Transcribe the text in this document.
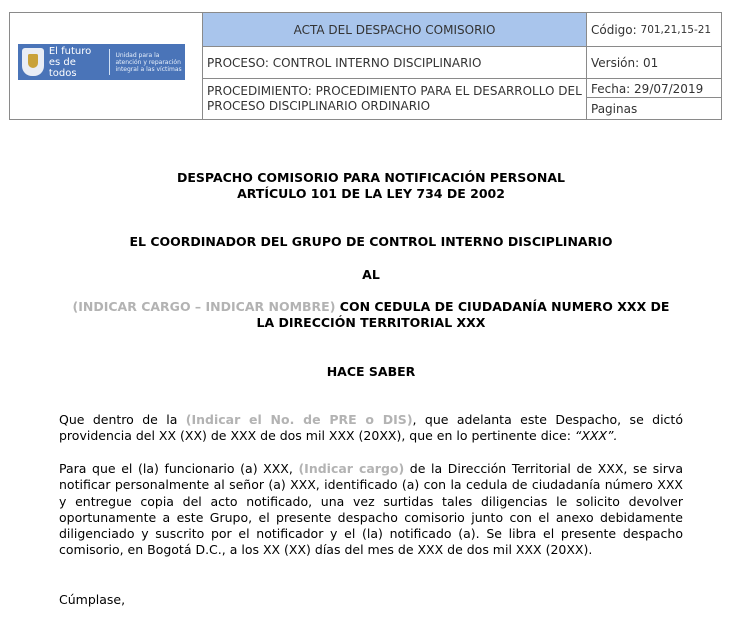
El futuro es de todos
Unidad para la atención y reparación integral a las víctimas
ACTA DEL DESPACHO COMISORIO	Código:
701,21,15-21
PROCESO: CONTROL INTERNO DISCIPLINARIO	Versión: 01
PROCEDIMIENTO: PROCEDIMIENTO PARA EL DESARROLLO DEL PROCESO DISCIPLINARIO ORDINARIO
Fecha: 29/07/2019
Paginas
DESPACHO COMISORIO PARA NOTIFICACIÓN PERSONAL
ARTÍCULO 101 DE LA LEY 734 DE 2002
EL COORDINADOR DEL GRUPO DE CONTROL INTERNO DISCIPLINARIO
AL
(INDICAR CARGO – INDICAR NOMBRE) CON CEDULA DE CIUDADANÍA NUMERO XXX DE LA DIRECCIÓN TERRITORIAL XXX
HACE SABER
Que dentro de la (Indicar el No. de PRE o DIS), que adelanta este Despacho, se dictó providencia del XX (XX) de XXX de dos mil XXX (20XX), que en lo pertinente dice: “XXX”.
Para que el (la) funcionario (a) XXX, (Indicar cargo) de la Dirección Territorial de XXX, se sirva notificar personalmente al señor (a) XXX, identificado (a) con la cedula de ciudadanía número XXX y entregue copia del acto notificado, una vez surtidas tales diligencias le solicito devolver oportunamente a este Grupo, el presente despacho comisorio junto con el anexo debidamente diligenciado y suscrito por el notificador y el (la) notificado (a). Se libra el presente despacho comisorio, en Bogotá D.C., a los XX (XX) días del mes de XXX de dos mil XXX (20XX).
Cúmplase,
